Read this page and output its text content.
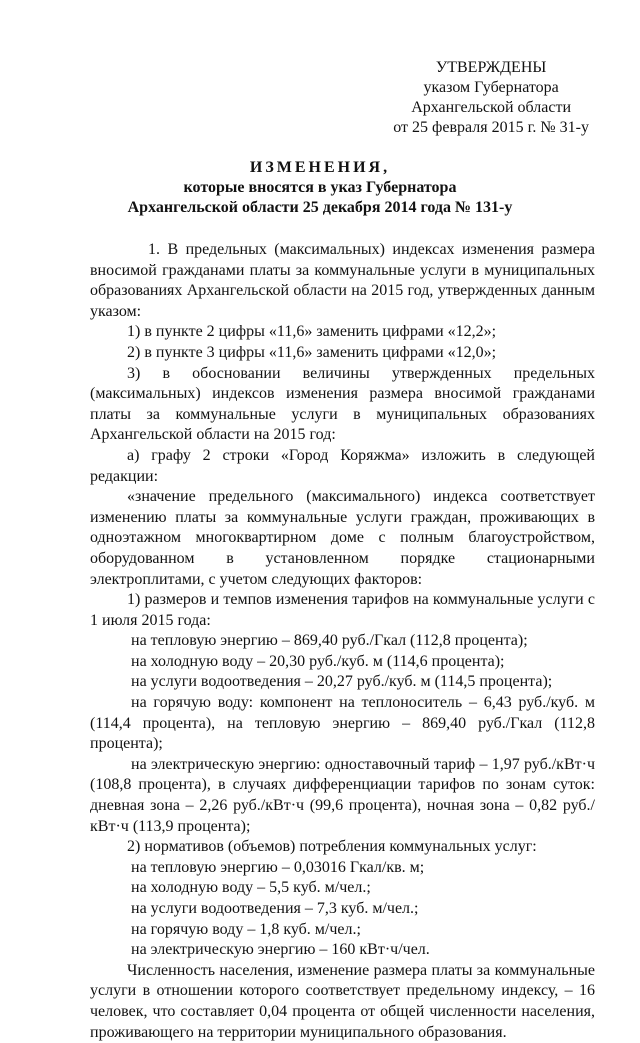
УТВЕРЖДЕНЫ
указом Губернатора
Архангельской области
от 25 февраля 2015 г. № 31-у
ИЗМЕНЕНИЯ,
которые вносятся в указ Губернатора
Архангельской области 25 декабря 2014 года № 131-у

1. В предельных (максимальных) индексах изменения размера вносимой гражданами платы за коммунальные услуги в муниципальных образованиях Архангельской области на 2015 год, утвержденных данным указом:

1) в пункте 2 цифры «11,6» заменить цифрами «12,2»;

2) в пункте 3 цифры «11,6» заменить цифрами «12,0»;

3) в обосновании величины утвержденных предельных (максимальных) индексов изменения размера вносимой гражданами платы за коммунальные услуги в муниципальных образованиях Архангельской области на 2015 год:

а) графу 2 строки «Город Коряжма» изложить в следующей редакции:

«значение предельного (максимального) индекса соответствует изменению платы за коммунальные услуги граждан, проживающих в одноэтажном многоквартирном доме с полным благоустройством, оборудованном в установленном порядке стационарными электроплитами, с учетом следующих факторов:

1) размеров и темпов изменения тарифов на коммунальные услуги с 1 июля 2015 года:

на тепловую энергию – 869,40 руб./Гкал (112,8 процента);

на холодную воду – 20,30 руб./куб. м (114,6 процента);

на услуги водоотведения – 20,27 руб./куб. м (114,5 процента);

на горячую воду: компонент на теплоноситель – 6,43 руб./куб. м (114,4 процента), на тепловую энергию – 869,40 руб./Гкал (112,8 процента);

на электрическую энергию: одноставочный тариф – 1,97 руб./кВт·ч (108,8 процента), в случаях дифференциации тарифов по зонам суток: дневная зона – 2,26 руб./кВт·ч (99,6 процента), ночная зона – 0,82 руб./кВт·ч (113,9 процента);

2) нормативов (объемов) потребления коммунальных услуг:

на тепловую энергию – 0,03016 Гкал/кв. м;

на холодную воду – 5,5 куб. м/чел.;

на услуги водоотведения – 7,3 куб. м/чел.;

на горячую воду – 1,8 куб. м/чел.;

на электрическую энергию – 160 кВт·ч/чел.

Численность населения, изменение размера платы за коммунальные услуги в отношении которого соответствует предельному индексу, – 16 человек, что составляет 0,04 процента от общей численности населения, проживающего на территории муниципального образования.
